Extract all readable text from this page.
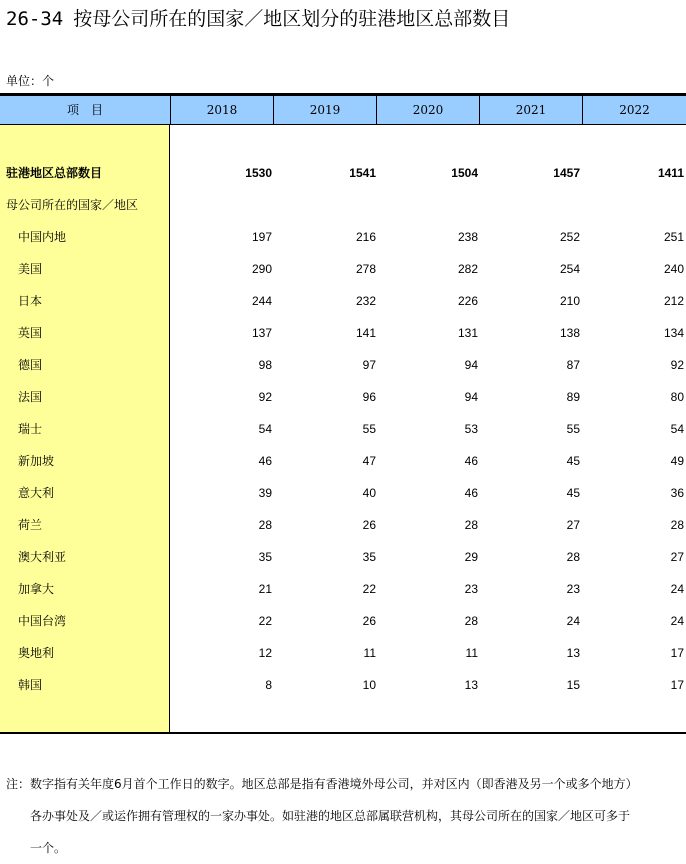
26-34 按母公司所在的国家／地区划分的驻港地区总部数目
单位：个
项　目	2018	2019	2020	2021	2022
驻港地区总部数目	1530	1541	1504	1457	1411
母公司所在的国家／地区
中国内地	197	216	238	252	251
美国	290	278	282	254	240
日本	244	232	226	210	212
英国	137	141	131	138	134
德国	98	97	94	87	92
法国	92	96	94	89	80
瑞士	54	55	53	55	54
新加坡	46	47	46	45	49
意大利	39	40	46	45	36
荷兰	28	26	28	27	28
澳大利亚	35	35	29	28	27
加拿大	21	22	23	23	24
中国台湾	22	26	28	24	24
奥地利	12	11	11	13	17
韩国	8	10	13	15	17
注：数字指有关年度6月首个工作日的数字。地区总部是指有香港境外母公司，并对区内（即香港及另一个或多个地方）
各办事处及／或运作拥有管理权的一家办事处。如驻港的地区总部属联营机构，其母公司所在的国家／地区可多于
一个。
